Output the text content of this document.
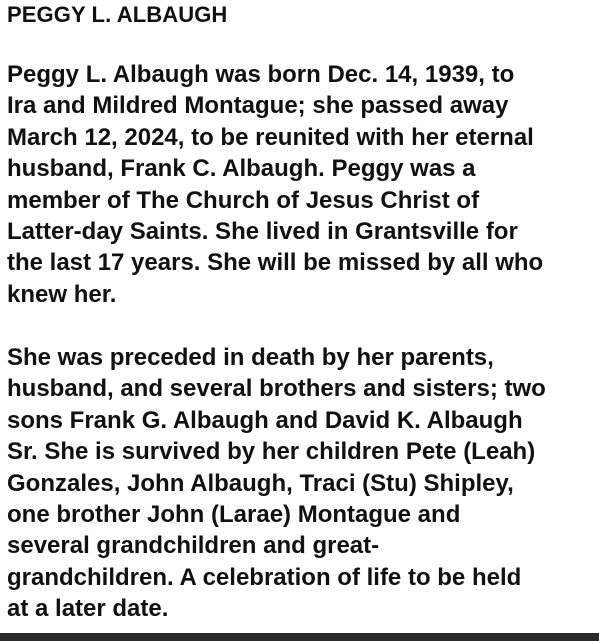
PEGGY L. ALBAUGH

Peggy L. Albaugh was born Dec. 14, 1939, to
Ira and Mildred Montague; she passed away
March 12, 2024, to be reunited with her eternal
husband, Frank C. Albaugh. Peggy was a
member of The Church of Jesus Christ of
Latter-day Saints. She lived in Grantsville for
the last 17 years. She will be missed by all who
knew her.

She was preceded in death by her parents,
husband, and several brothers and sisters; two
sons Frank G. Albaugh and David K. Albaugh
Sr. She is survived by her children Pete (Leah)
Gonzales, John Albaugh, Traci (Stu) Shipley,
one brother John (Larae) Montague and
several grandchildren and great-
grandchildren. A celebration of life to be held
at a later date.
